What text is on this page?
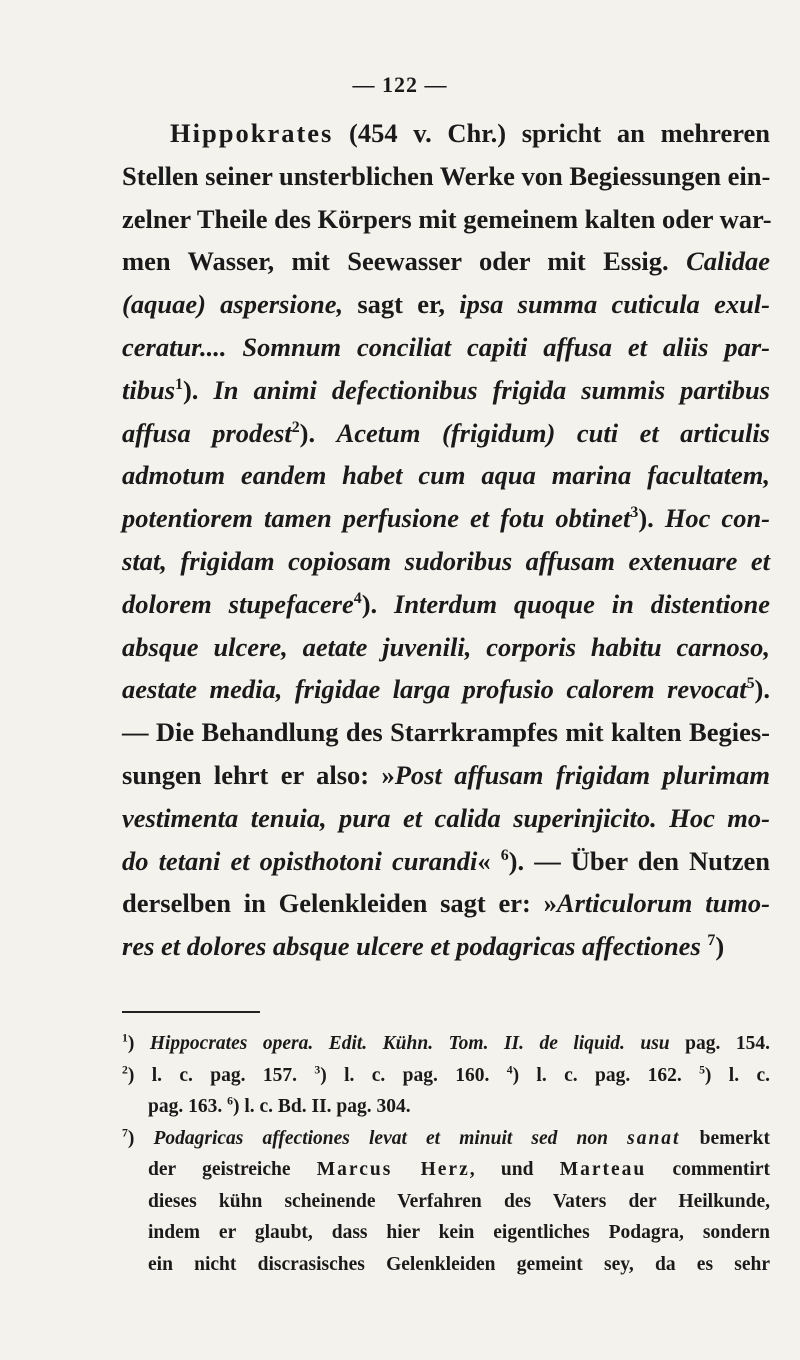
— 122 —
Hippokrates (454 v. Chr.) spricht an mehreren
Stellen seiner unsterblichen Werke von Begiessungen ein-
zelner Theile des Körpers mit gemeinem kalten oder war-
men Wasser, mit Seewasser oder mit Essig. Calidae
(aquae) aspersione, sagt er, ipsa summa cuticula exul-
ceratur.... Somnum conciliat capiti affusa et aliis par-
tibus$^1$). In animi defectionibus frigida summis partibus
affusa prodest$^2$). Acetum (frigidum) cuti et articulis
admotum eandem habet cum aqua marina facultatem,
potentiorem tamen perfusione et fotu obtinet$^3$). Hoc con-
stat, frigidam copiosam sudoribus affusam extenuare et
dolorem stupefacere$^4$). Interdum quoque in distentione
absque ulcere, aetate juvenili, corporis habitu carnoso,
aestate media, frigidae larga profusio calorem revocat$^5$).
— Die Behandlung des Starrkrampfes mit kalten Begies-
sungen lehrt er also: »Post affusam frigidam plurimam
vestimenta tenuia, pura et calida superinjicito. Hoc mo-
do tetani et opisthotoni curandi« $^6$). — Über den Nutzen
derselben in Gelenkleiden sagt er: »Articulorum tumo-
res et dolores absque ulcere et podagricas affectiones $^7$)
$^1$) Hippocrates opera. Edit. Kühn. Tom. II. de liquid. usu pag. 154.
$^2$) l. c. pag. 157. $^3$) l. c. pag. 160. $^4$) l. c. pag. 162. $^5$) l. c.
pag. 163. $^6$) l. c. Bd. II. pag. 304.
$^7$) Podagricas affectiones levat et minuit sed non sanat bemerkt
der geistreiche Marcus Herz, und Marteau commentirt
dieses kühn scheinende Verfahren des Vaters der Heilkunde,
indem er glaubt, dass hier kein eigentliches Podagra, sondern
ein nicht discrasisches Gelenkleiden gemeint sey, da es sehr
